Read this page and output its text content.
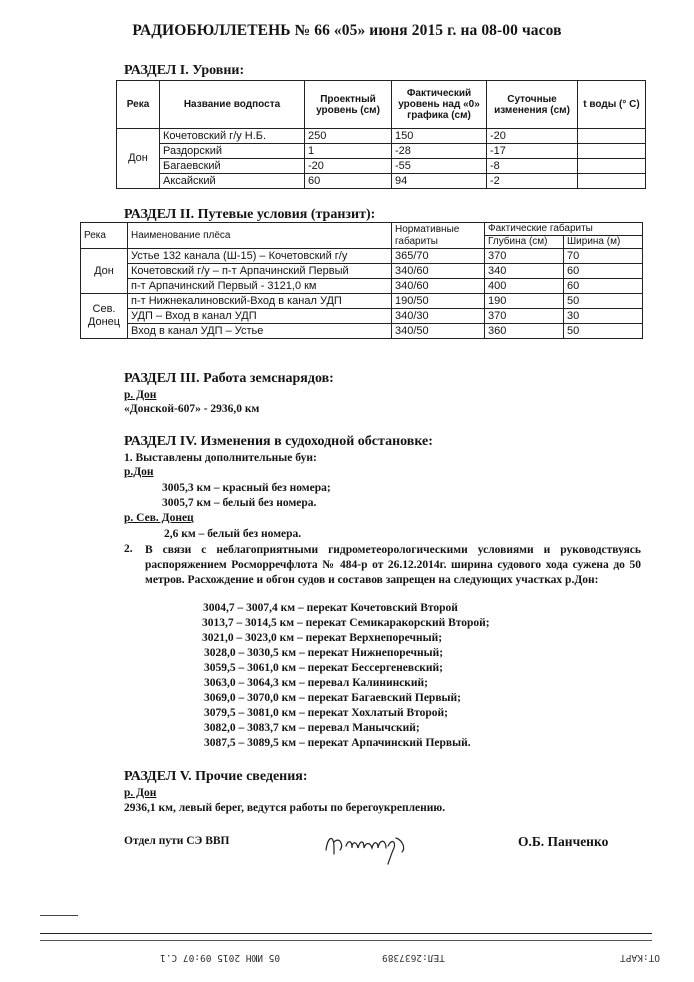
РАДИОБЮЛЛЕТЕНЬ № 66 «05» июня 2015 г. на 08-00 часов
РАЗДЕЛ I. Уровни:
Река	Название водпоста	Проектный уровень (см)	Фактический уровень над «0» графика (см)	Суточные изменения (см)	t воды (° С)
Дон	Кочетовский г/у Н.Б.	250	150	-20	
	Раздорский	1	-28	-17	
	Багаевский	-20	-55	-8	
	Аксайский	60	94	-2	
РАЗДЕЛ II. Путевые условия (транзит):
Река	Наименование плёса	Нормативные габариты	Фактические габариты	
			Глубина (см)	Ширина (м)
Дон	Устье 132 канала (Ш-15) – Кочетовский г/у	365/70	370	70
	Кочетовский г/у – п-т Арпачинский Первый	340/60	340	60
	п-т Арпачинский Первый - 3121,0 км	340/60	400	60
Сев. Донец	п-т Нижнекалиновский-Вход в канал УДП	190/50	190	50
	УДП – Вход в канал УДП	340/30	370	30
	Вход в канал УДП – Устье	340/50	360	50
РАЗДЕЛ III. Работа земснарядов:
р. Дон
«Донской-607» - 2936,0 км
РАЗДЕЛ IV. Изменения в судоходной обстановке:
1. Выставлены дополнительные буи:
р.Дон
3005,3 км – красный без номера;
3005,7 км – белый без номера.
р. Сев. Донец
2,6 км – белый без номера.
2. В связи с неблагоприятными гидрометеорологическими условиями и руководствуясь распоряжением Росморречфлота № 484-р от 26.12.2014г. ширина судового хода сужена до 50 метров. Расхождение и обгон судов и составов запрещен на следующих участках р.Дон:
3004,7 – 3007,4 км – перекат Кочетовский Второй
3013,7 – 3014,5 км – перекат Семикаракорский Второй;
3021,0 – 3023,0 км – перекат Верхнепоречный;
3028,0 – 3030,5 км – перекат Нижнепоречный;
3059,5 – 3061,0 км – перекат Бессергеневский;
3063,0 – 3064,3 км – перевал Калининский;
3069,0 – 3070,0 км – перекат Багаевский Первый;
3079,5 – 3081,0 км – перекат Хохлатый Второй;
3082,0 – 3083,7 км – перевал Манычский;
3087,5 – 3089,5 км – перекат Арпачинский Первый.
РАЗДЕЛ V. Прочие сведения:
р. Дон
2936,1 км, левый берег, ведутся работы по берегоукреплению.
Отдел пути СЭ ВВП	О.Б. Панченко
05 ИЮН 2015 09:07 С.1	ТЕЛ:2637389	ОТ:КАРТ
